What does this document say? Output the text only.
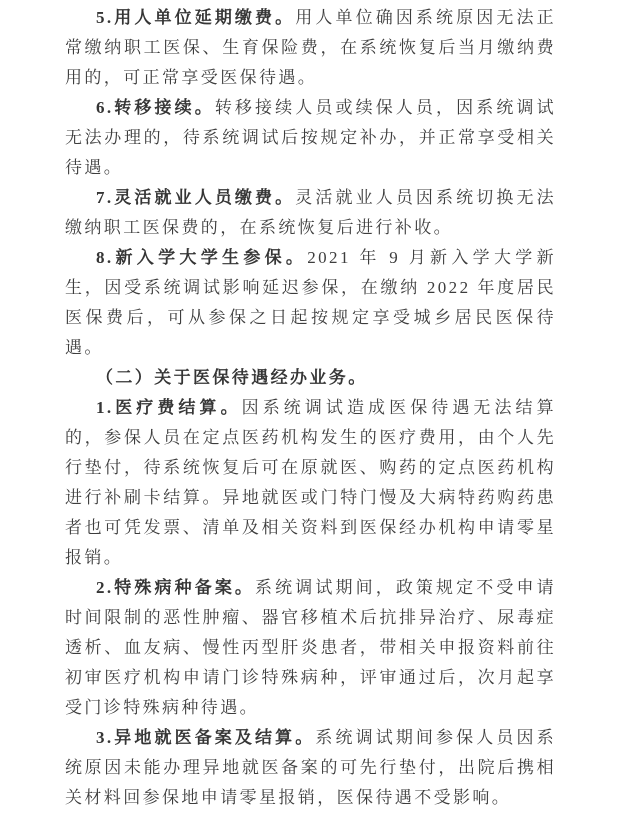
5.用人单位延期缴费。用人单位确因系统原因无法正常缴纳职工医保、生育保险费，在系统恢复后当月缴纳费用的，可正常享受医保待遇。

6.转移接续。转移接续人员或续保人员，因系统调试无法办理的，待系统调试后按规定补办，并正常享受相关待遇。

7.灵活就业人员缴费。灵活就业人员因系统切换无法缴纳职工医保费的，在系统恢复后进行补收。

8.新入学大学生参保。2021 年 9 月新入学大学新生，因受系统调试影响延迟参保，在缴纳 2022 年度居民医保费后，可从参保之日起按规定享受城乡居民医保待遇。

（二）关于医保待遇经办业务。

1.医疗费结算。因系统调试造成医保待遇无法结算的，参保人员在定点医药机构发生的医疗费用，由个人先行垫付，待系统恢复后可在原就医、购药的定点医药机构进行补刷卡结算。异地就医或门特门慢及大病特药购药患者也可凭发票、清单及相关资料到医保经办机构申请零星报销。

2.特殊病种备案。系统调试期间，政策规定不受申请时间限制的恶性肿瘤、器官移植术后抗排异治疗、尿毒症透析、血友病、慢性丙型肝炎患者，带相关申报资料前往初审医疗机构申请门诊特殊病种，评审通过后，次月起享受门诊特殊病种待遇。

3.异地就医备案及结算。系统调试期间参保人员因系统原因未能办理异地就医备案的可先行垫付，出院后携相关材料回参保地申请零星报销，医保待遇不受影响。
